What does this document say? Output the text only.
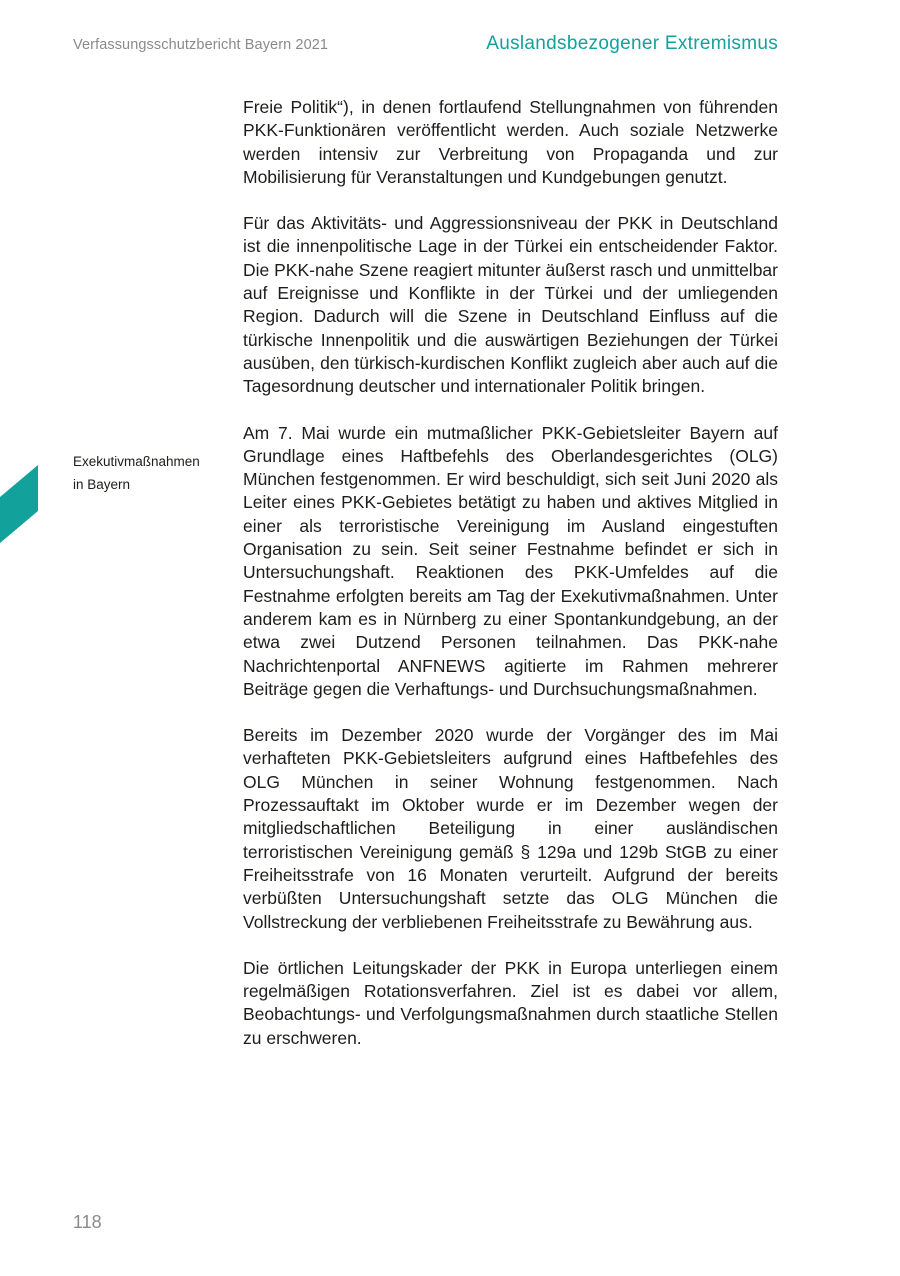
Verfassungsschutzbericht Bayern 2021	Auslandsbezogener Extremismus
Exekutivmaßnahmen
in Bayern

Freie Politik“), in denen fortlaufend Stellungnahmen von führenden PKK-Funktionären veröffentlicht werden. Auch soziale Netzwerke werden intensiv zur Verbreitung von Propaganda und zur Mobilisierung für Veranstaltungen und Kundgebungen genutzt.

Für das Aktivitäts- und Aggressionsniveau der PKK in Deutschland ist die innenpolitische Lage in der Türkei ein entscheidender Faktor. Die PKK-nahe Szene reagiert mitunter äußerst rasch und unmittelbar auf Ereignisse und Konflikte in der Türkei und der umliegenden Region. Dadurch will die Szene in Deutschland Einfluss auf die türkische Innenpolitik und die auswärtigen Beziehungen der Türkei ausüben, den türkisch-kurdischen Konflikt zugleich aber auch auf die Tagesordnung deutscher und internationaler Politik bringen.

Am 7. Mai wurde ein mutmaßlicher PKK-Gebietsleiter Bayern auf Grundlage eines Haftbefehls des Oberlandesgerichtes (OLG) München festgenommen. Er wird beschuldigt, sich seit Juni 2020 als Leiter eines PKK-Gebietes betätigt zu haben und aktives Mitglied in einer als terroristische Vereinigung im Ausland eingestuften Organisation zu sein. Seit seiner Festnahme befindet er sich in Untersuchungshaft. Reaktionen des PKK-Umfeldes auf die Festnahme erfolgten bereits am Tag der Exekutivmaßnahmen. Unter anderem kam es in Nürnberg zu einer Spontankundgebung, an der etwa zwei Dutzend Personen teilnahmen. Das PKK-nahe Nachrichtenportal ANFNEWS agitierte im Rahmen mehrerer Beiträge gegen die Verhaftungs- und Durchsuchungsmaßnahmen.

Bereits im Dezember 2020 wurde der Vorgänger des im Mai verhafteten PKK-Gebietsleiters aufgrund eines Haftbefehles des OLG München in seiner Wohnung festgenommen. Nach Prozessauftakt im Oktober wurde er im Dezember wegen der mitgliedschaftlichen Beteiligung in einer ausländischen terroristischen Vereinigung gemäß § 129a und 129b StGB zu einer Freiheitsstrafe von 16 Monaten verurteilt. Aufgrund der bereits verbüßten Untersuchungshaft setzte das OLG München die Vollstreckung der verbliebenen Freiheitsstrafe zu Bewährung aus.

Die örtlichen Leitungskader der PKK in Europa unterliegen einem regelmäßigen Rotationsverfahren. Ziel ist es dabei vor allem, Beobachtungs- und Verfolgungsmaßnahmen durch staatliche Stellen zu erschweren.

118
